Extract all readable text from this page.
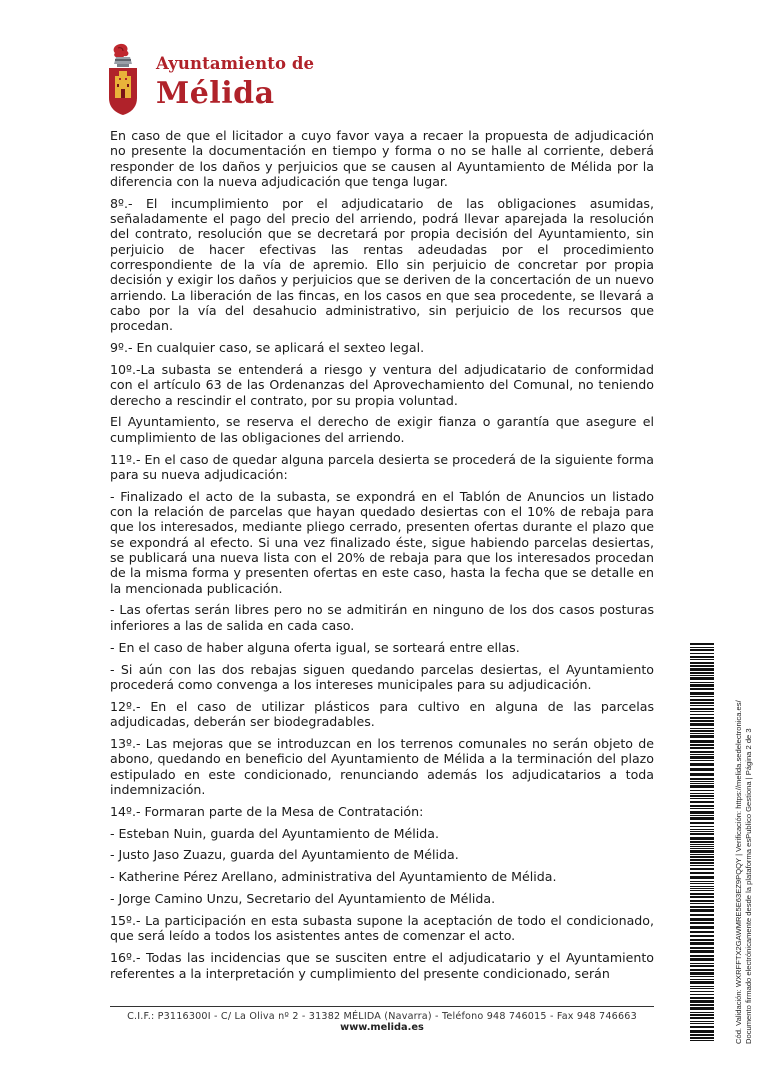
Ayuntamiento de
Mélida

En caso de que el licitador a cuyo favor vaya a recaer la propuesta de adjudicación no presente la documentación en tiempo y forma o no se halle al corriente, deberá responder de los daños y perjuicios que se causen al Ayuntamiento de Mélida por la diferencia con la nueva adjudicación que tenga lugar.

8º.- El incumplimiento por el adjudicatario de las obligaciones asumidas, señaladamente el pago del precio del arriendo, podrá llevar aparejada la resolución del contrato, resolución que se decretará por propia decisión del Ayuntamiento, sin perjuicio de hacer efectivas las rentas adeudadas por el procedimiento correspondiente de la vía de apremio. Ello sin perjuicio de concretar por propia decisión y exigir los daños y perjuicios que se deriven de la concertación de un nuevo arriendo. La liberación de las fincas, en los casos en que sea procedente, se llevará a cabo por la vía del desahucio administrativo, sin perjuicio de los recursos que procedan.

9º.- En cualquier caso, se aplicará el sexteo legal.

10º.-La subasta se entenderá a riesgo y ventura del adjudicatario de conformidad con el artículo 63 de las Ordenanzas del Aprovechamiento del Comunal, no teniendo derecho a rescindir el contrato, por su propia voluntad.

El Ayuntamiento, se reserva el derecho de exigir fianza o garantía que asegure el cumplimiento de las obligaciones del arriendo.

11º.- En el caso de quedar alguna parcela desierta se procederá de la siguiente forma para su nueva adjudicación:

- Finalizado el acto de la subasta, se expondrá en el Tablón de Anuncios un listado con la relación de parcelas que hayan quedado desiertas con el 10% de rebaja para que los interesados, mediante pliego cerrado, presenten ofertas durante el plazo que se expondrá al efecto. Si una vez finalizado éste, sigue habiendo parcelas desiertas, se publicará una nueva lista con el 20% de rebaja para que los interesados procedan de la misma forma y presenten ofertas en este caso, hasta la fecha que se detalle en la mencionada publicación.

- Las ofertas serán libres pero no se admitirán en ninguno de los dos casos posturas inferiores a las de salida en cada caso.

- En el caso de haber alguna oferta igual, se sorteará entre ellas.

- Si aún con las dos rebajas siguen quedando parcelas desiertas, el Ayuntamiento procederá como convenga a los intereses municipales para su adjudicación.

12º.- En el caso de utilizar plásticos para cultivo en alguna de las parcelas adjudicadas, deberán ser biodegradables.

13º.- Las mejoras que se introduzcan en los terrenos comunales no serán objeto de abono, quedando en beneficio del Ayuntamiento de Mélida a la terminación del plazo estipulado en este condicionado, renunciando además los adjudicatarios a toda indemnización.

14º.- Formaran parte de la Mesa de Contratación:

- Esteban Nuin, guarda del Ayuntamiento de Mélida.

- Justo Jaso Zuazu, guarda del Ayuntamiento de Mélida.

- Katherine Pérez Arellano, administrativa del Ayuntamiento de Mélida.

- Jorge Camino Unzu, Secretario del Ayuntamiento de Mélida.

15º.- La participación en esta subasta supone la aceptación de todo el condicionado, que será leído a todos los asistentes antes de comenzar el acto.

16º.- Todas las incidencias que se susciten entre el adjudicatario y el Ayuntamiento referentes a la interpretación y cumplimiento del presente condicionado, serán	Cód. Validación: WXRFFTX2GAWMRE5E63EZ9PQQY | Verificación: https://melida.sedelectronica.es/ Documento firmado electrónicamente desde la plataforma esPublico Gestiona | Página 2 de 3
C.I.F.: P3116300I - C/ La Oliva nº 2 - 31382 MÉLIDA (Navarra) - Teléfono 948 746015 - Fax 948 746663
www.melida.es
